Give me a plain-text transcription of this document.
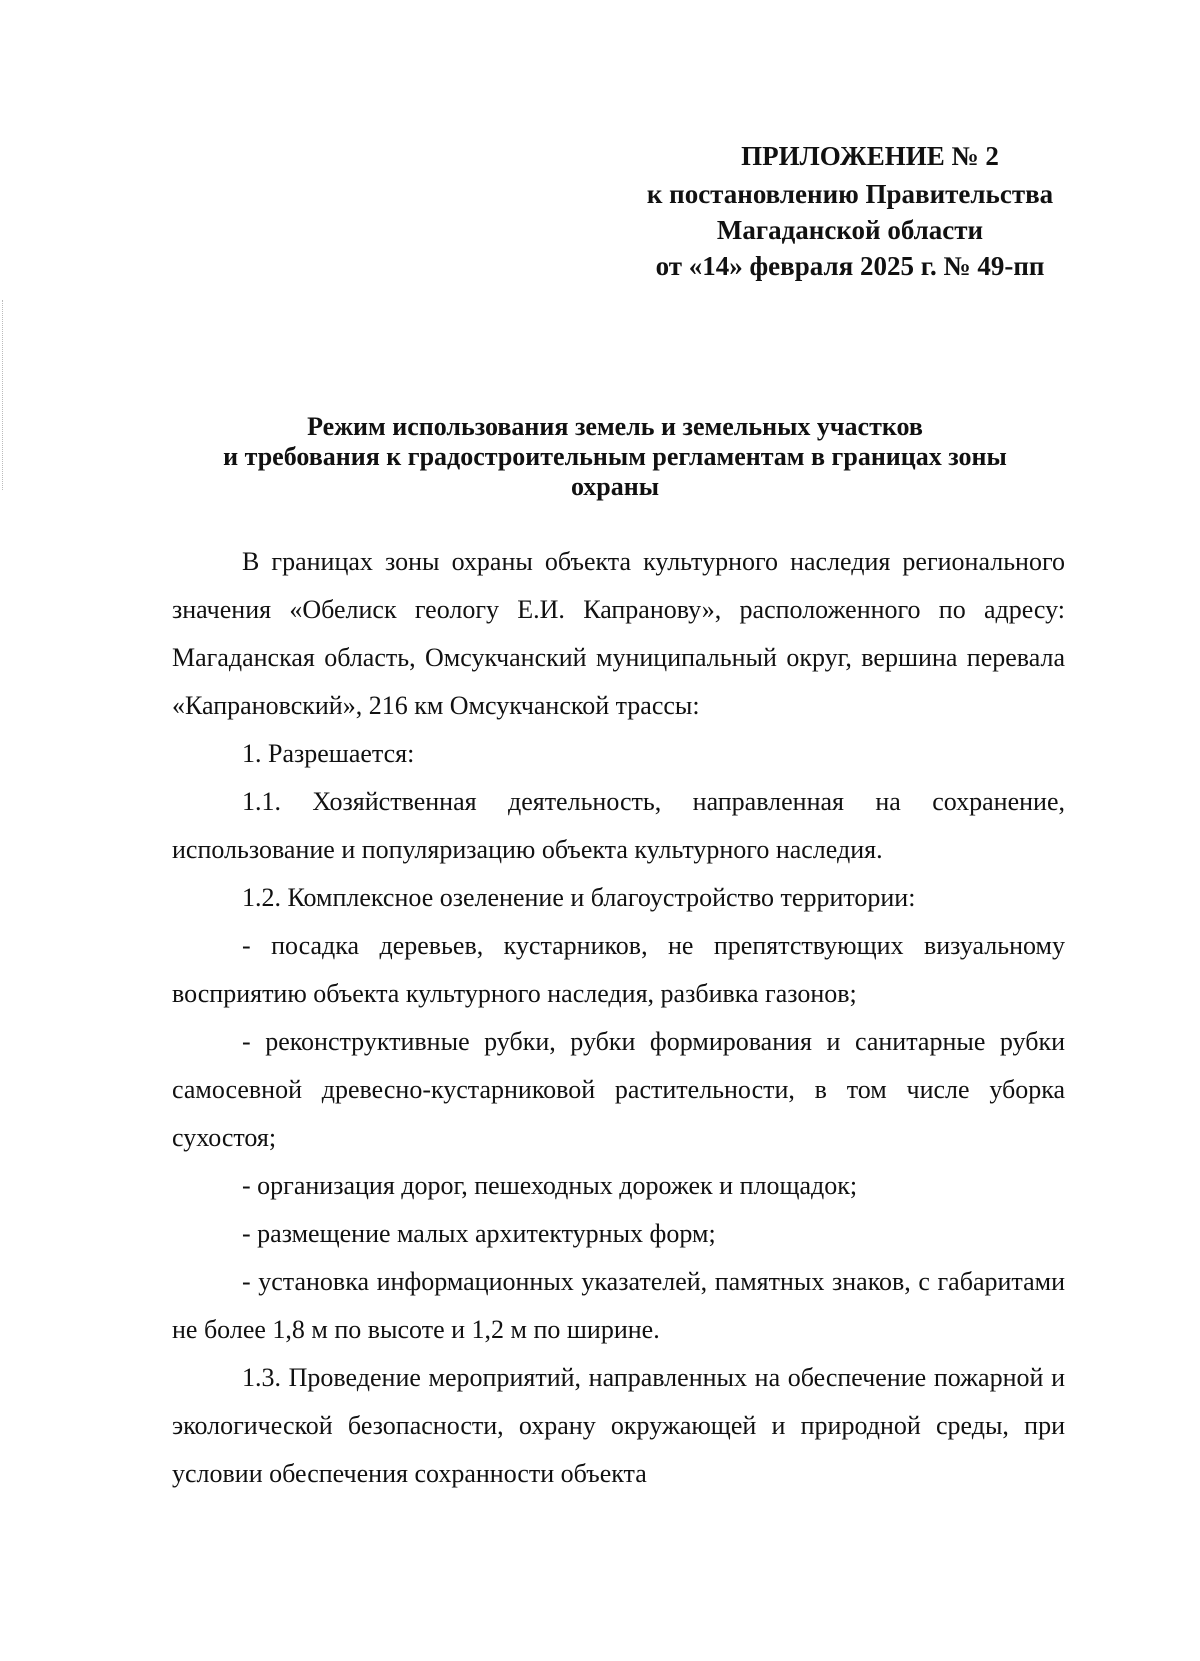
ПРИЛОЖЕНИЕ № 2
к постановлению Правительства
Магаданской области
от «14» февраля 2025 г. № 49-пп
Режим использования земель и земельных участков
и требования к градостроительным регламентам в границах зоны
охраны

В границах зоны охраны объекта культурного наследия регионального значения «Обелиск геологу Е.И. Капранову», расположенного по адресу: Магаданская область, Омсукчанский муниципальный округ, вершина перевала «Капрановский», 216 км Омсукчанской трассы:

1. Разрешается:

1.1. Хозяйственная деятельность, направленная на сохранение, использование и популяризацию объекта культурного наследия.

1.2. Комплексное озеленение и благоустройство территории:

- посадка деревьев, кустарников, не препятствующих визуальному восприятию объекта культурного наследия, разбивка газонов;

- реконструктивные рубки, рубки формирования и санитарные рубки самосевной древесно-кустарниковой растительности, в том числе уборка сухостоя;

- организация дорог, пешеходных дорожек и площадок;

- размещение малых архитектурных форм;

- установка информационных указателей, памятных знаков, с габаритами не более 1,8 м по высоте и 1,2 м по ширине.

1.3. Проведение мероприятий, направленных на обеспечение пожарной и экологической безопасности, охрану окружающей и природной среды, при условии обеспечения сохранности объекта
